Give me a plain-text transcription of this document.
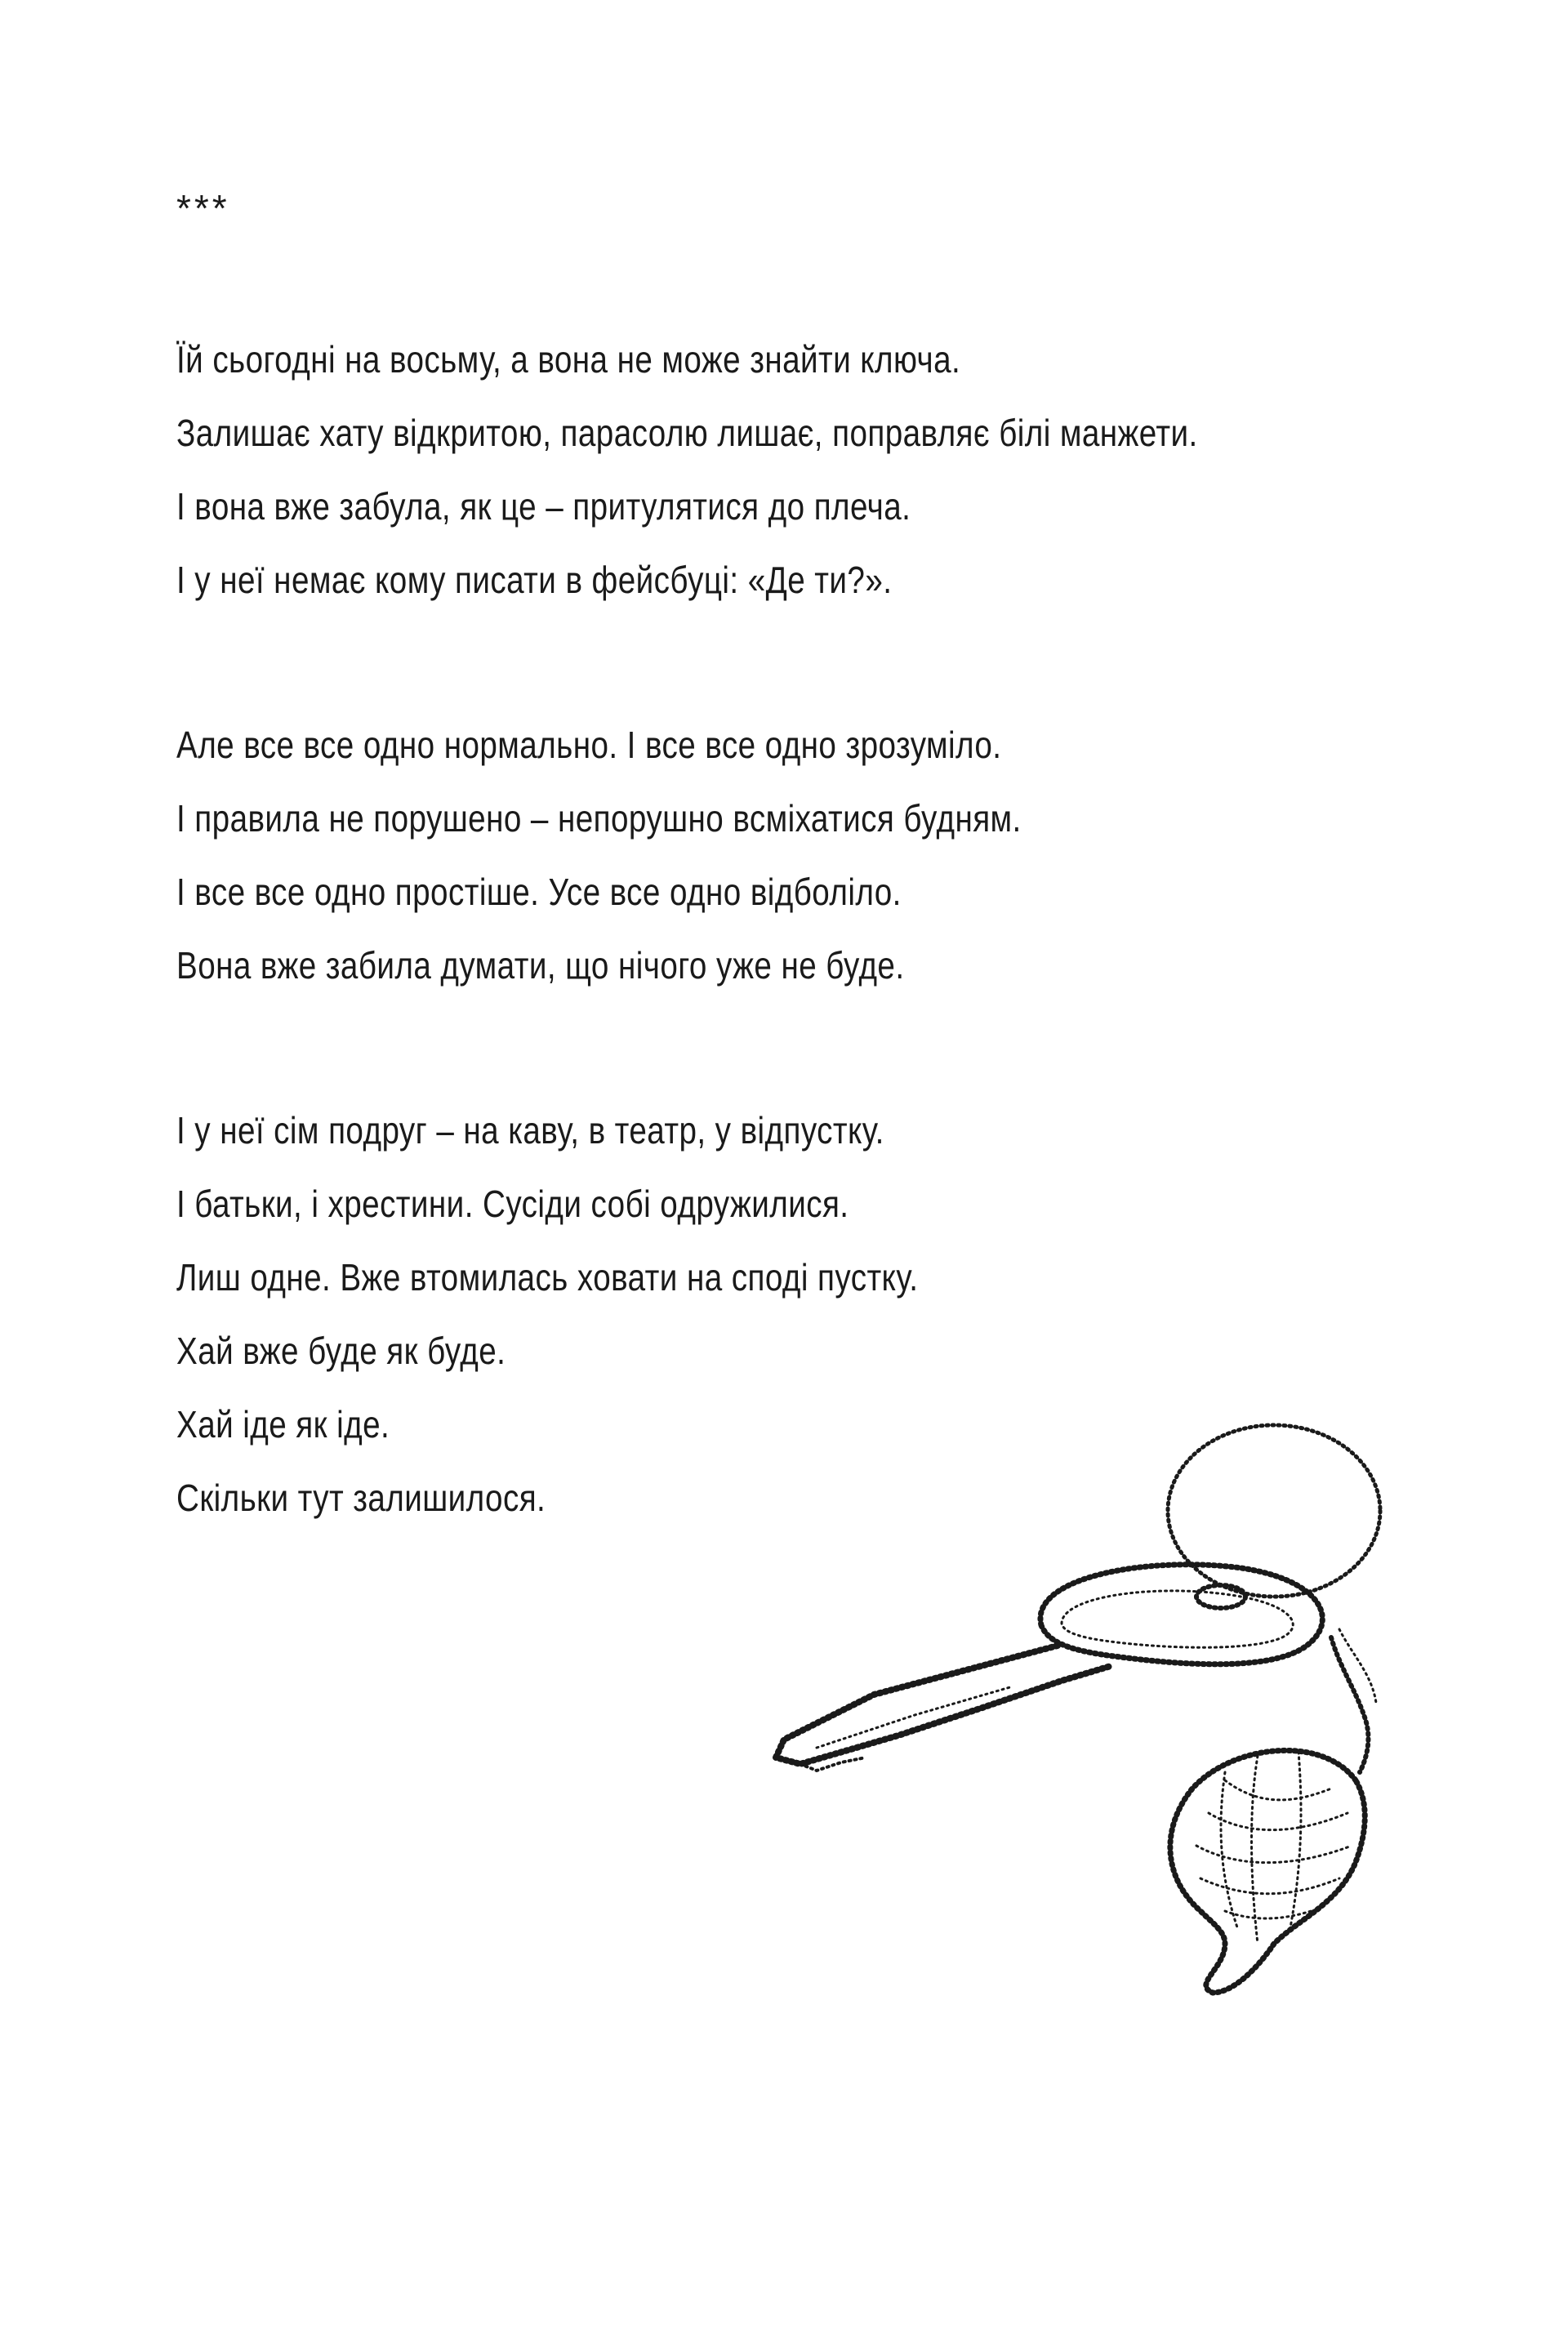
***
Їй сьогодні на восьму, а вона не може знайти ключа.
Залишає хату відкритою, парасолю лишає, поправляє білі манжети.
І вона вже забула, як це – притулятися до плеча.
І у неї немає кому писати в фейсбуці: «Де ти?».
Але все все одно нормально. І все все одно зрозуміло.
І правила не порушено – непорушно всміхатися будням.
І все все одно простіше. Усе все одно відболіло.
Вона вже забила думати, що нічого уже не буде.
І у неї сім подруг – на каву, в театр, у відпустку.
І батьки, і хрестини. Сусіди собі одружилися.
Лиш одне. Вже втомилась ховати на споді пустку.
Хай вже буде як буде.
Хай іде як іде.
Скільки тут залишилося.
